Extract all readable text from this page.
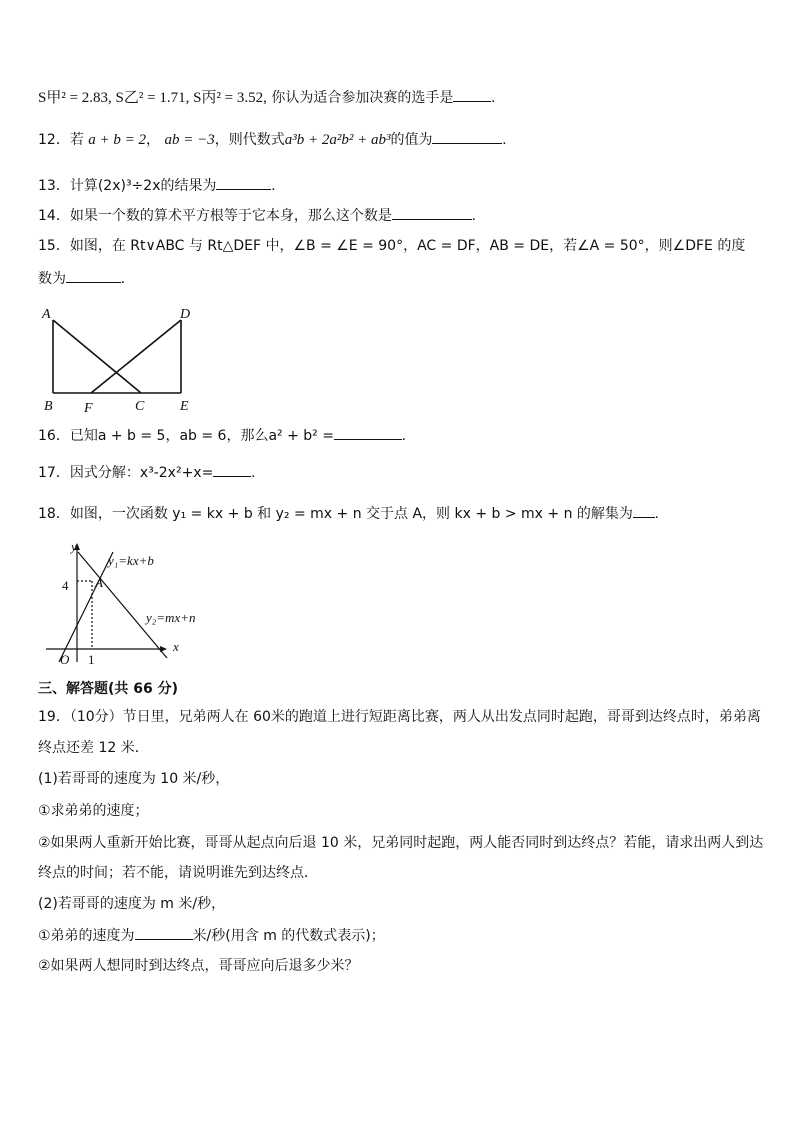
S甲² = 2.83, S乙² = 1.71, S丙² = 3.52, 你认为适合参加决赛的选手是	.
12．若 a + b = 2， ab = −3，则代数式a³b + 2a²b² + ab³的值为	.
13．计算(2x)³÷2x的结果为	.
14．如果一个数的算术平方根等于它本身，那么这个数是	.
15．如图，在 Rt∨ABC 与 Rt△DEF 中，∠B = ∠E = 90°，AC = DF，AB = DE，若∠A = 50°，则∠DFE 的度
数为	.
A	D
B F	C	E
16．已知a + b = 5，ab = 6，那么a² + b² =	.
17．因式分解：x³-2x²+x=	.
18．如图，一次函数 y₁ = kx + b 和 y₂ = mx + n 交于点 A，则 kx + b > mx + n 的解集为 .
y
x
O 1
4 A
y₁=kx+b
y₂=mx+n
三、解答题(共 66 分)
19．（10分）节日里，兄弟两人在 60米的跑道上进行短距离比赛，两人从出发点同时起跑，哥哥到达终点时，弟弟离
终点还差 12 米．
(1)若哥哥的速度为 10 米/秒，
①求弟弟的速度；
②如果两人重新开始比赛，哥哥从起点向后退 10 米，兄弟同时起跑，两人能否同时到达终点？若能，请求出两人到达
终点的时间；若不能，请说明谁先到达终点．
(2)若哥哥的速度为 m 米/秒，
①弟弟的速度为	米/秒(用含 m 的代数式表示)；
②如果两人想同时到达终点，哥哥应向后退多少米？
